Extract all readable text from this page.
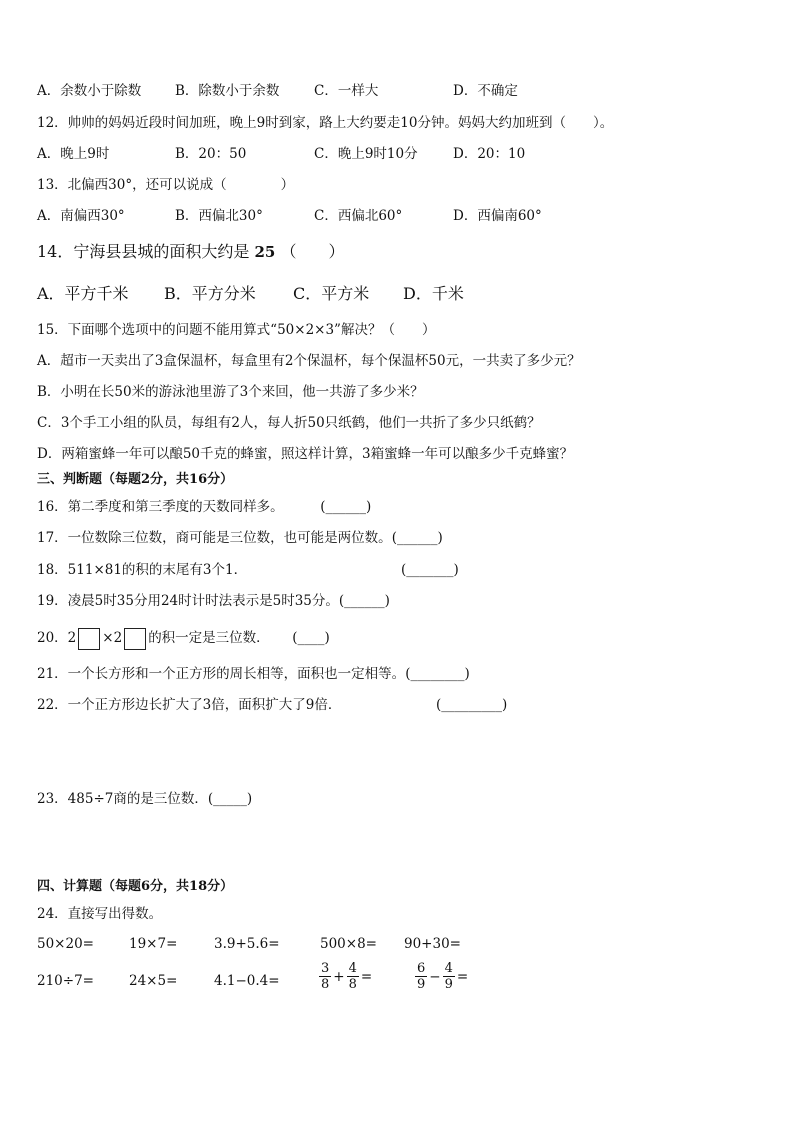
A．余数小于除数	B．除数小于余数	C．一样大	D．不确定
12．帅帅的妈妈近段时间加班，晚上9时到家，路上大约要走10分钟。妈妈大约加班到（　　）。
A．晚上9时	B．20：50	C．晚上9时10分	D．20：10
13．北偏西30°，还可以说成（　　　　）
A．南偏西30°	B．西偏北30°	C．西偏北60°	D．西偏南60°
14．宁海县县城的面积大约是 25 （　　）
A．平方千米 B．平方分米 C．平方米 D．千米
15．下面哪个选项中的问题不能用算式“50×2×3”解决？（　　）
A．超市一天卖出了3盒保温杯，每盒里有2个保温杯，每个保温杯50元，一共卖了多少元？
B．小明在长50米的游泳池里游了3个来回，他一共游了多少米？
C．3个手工小组的队员，每组有2人，每人折50只纸鹤，他们一共折了多少只纸鹤？
D．两箱蜜蜂一年可以酿50千克的蜂蜜，照这样计算，3箱蜜蜂一年可以酿多少千克蜂蜜？
三、判断题（每题2分，共16分）
16．第二季度和第三季度的天数同样多。	(______)
17．一位数除三位数，商可能是三位数，也可能是两位数。(______)
18．511×81的积的末尾有3个1．	(_______)
19．凌晨5时35分用24时计时法表示是5时35分。(______)
20．2 ×2 的积一定是三位数． (____)
21．一个长方形和一个正方形的周长相等，面积也一定相等。(________)
22．一个正方形边长扩大了3倍，面积扩大了9倍．	(_________)
23．485÷7商的是三位数．(_____)
四、计算题（每题6分，共18分）
24．直接写出得数。
50×20=	19×7=	3.9+5.6=	500×8= 90+30=
210÷7=	24×5=	4.1−0.4=	$\frac{3}{8} + \frac{4}{8}$ =	$\frac{6}{9} - \frac{4}{9}$ =
